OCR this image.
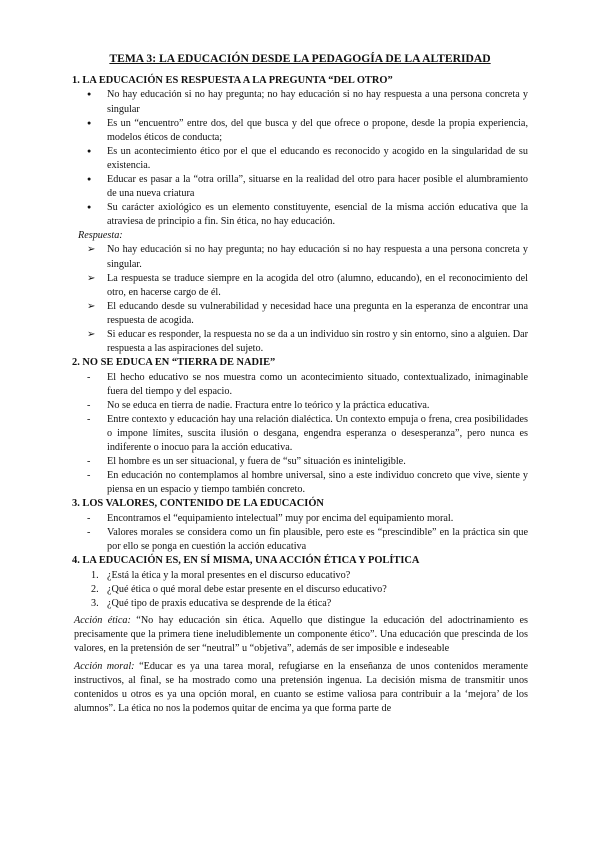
TEMA 3: LA EDUCACIÓN DESDE LA PEDAGOGÍA DE LA ALTERIDAD
1. LA EDUCACIÓN ES RESPUESTA A LA PREGUNTA “DEL OTRO”
●
No hay educación si no hay pregunta; no hay educación si no hay respuesta a una persona concreta y singular
●
Es un “encuentro” entre dos, del que busca y del que ofrece o propone, desde la propia experiencia, modelos éticos de conducta;
●
Es un acontecimiento ético por el que el educando es reconocido y acogido en la singularidad de su existencia.
●
Educar es pasar a la “otra orilla”, situarse en la realidad del otro para hacer posible el alumbramiento de una nueva criatura
●
Su carácter axiológico es un elemento constituyente, esencial de la misma acción educativa que la atraviesa de principio a fin. Sin ética, no hay educación.
Respuesta:
➢
No hay educación si no hay pregunta; no hay educación si no hay respuesta a una persona concreta y singular.
➢
La respuesta se traduce siempre en la acogida del otro (alumno, educando), en el reconocimiento del otro, en hacerse cargo de él.
➢
El educando desde su vulnerabilidad y necesidad hace una pregunta en la esperanza de encontrar una respuesta de acogida.
➢
Si educar es responder, la respuesta no se da a un individuo sin rostro y sin entorno, sino a alguien. Dar respuesta a las aspiraciones del sujeto.
2. NO SE EDUCA EN “TIERRA DE NADIE”
-
El hecho educativo se nos muestra como un acontecimiento situado, contextualizado, inimaginable fuera del tiempo y del espacio.
-
No se educa en tierra de nadie. Fractura entre lo teórico y la práctica educativa.
-
Entre contexto y educación hay una relación dialéctica. Un contexto empuja o frena, crea posibilidades o impone límites, suscita ilusión o desgana, engendra esperanza o desesperanza”, pero nunca es indiferente o inocuo para la acción educativa.
-
El hombre es un ser situacional, y fuera de “su” situación es ininteligible.
-
En educación no contemplamos al hombre universal, sino a este individuo concreto que vive, siente y piensa en un espacio y tiempo también concreto.
3. LOS VALORES, CONTENIDO DE LA EDUCACIÓN
-
Encontramos el “equipamiento intelectual” muy por encima del equipamiento moral.
-
Valores morales se considera como un fin plausible, pero este es “prescindible” en la práctica sin que por ello se ponga en cuestión la acción educativa
4. LA EDUCACIÓN ES, EN SÍ MISMA, UNA ACCIÓN ÉTICA Y POLÍTICA
1. ¿Está la ética y la moral presentes en el discurso educativo?
2. ¿Qué ética o qué moral debe estar presente en el discurso educativo?
3. ¿Qué tipo de praxis educativa se desprende de la ética?

Acción ética: “No hay educación sin ética. Aquello que distingue la educación del adoctrinamiento es precisamente que la primera tiene ineludiblemente un componente ético”. Una educación que prescinda de los valores, en la pretensión de ser “neutral” u “objetiva”, además de ser imposible e indeseable

Acción moral: “Educar es ya una tarea moral, refugiarse en la enseñanza de unos contenidos meramente instructivos, al final, se ha mostrado como una pretensión ingenua. La decisión misma de transmitir unos contenidos u otros es ya una opción moral, en cuanto se estime valiosa para contribuir a la ‘mejora’ de los alumnos”. La ética no nos la podemos quitar de encima ya que forma parte de
